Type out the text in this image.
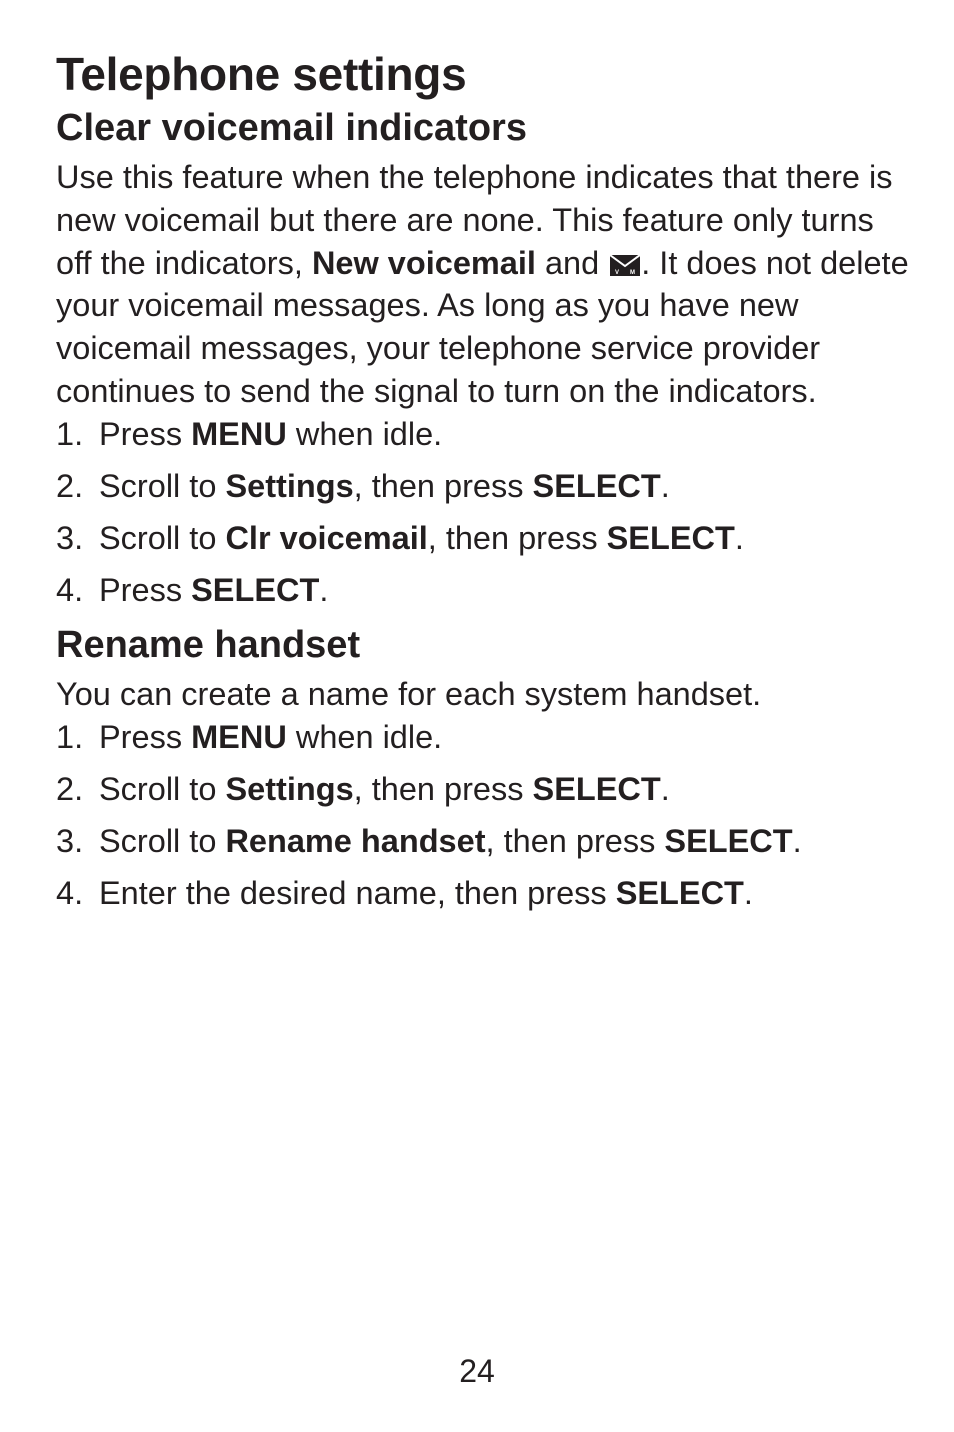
Telephone settings
Clear voicemail indicators

Use this feature when the telephone indicates that there is new voicemail but there are none. This feature only turns off the indicators, New voicemail and V M . It does not delete your voicemail messages. As long as you have new voicemail messages, your telephone service provider continues to send the signal to turn on the indicators.

1. Press MENU when idle.
2. Scroll to Settings, then press SELECT.
3. Scroll to Clr voicemail, then press SELECT.
4. Press SELECT.
Rename handset

You can create a name for each system handset.

1. Press MENU when idle.
2. Scroll to Settings, then press SELECT.
3. Scroll to Rename handset, then press SELECT.
4. Enter the desired name, then press SELECT.
24
